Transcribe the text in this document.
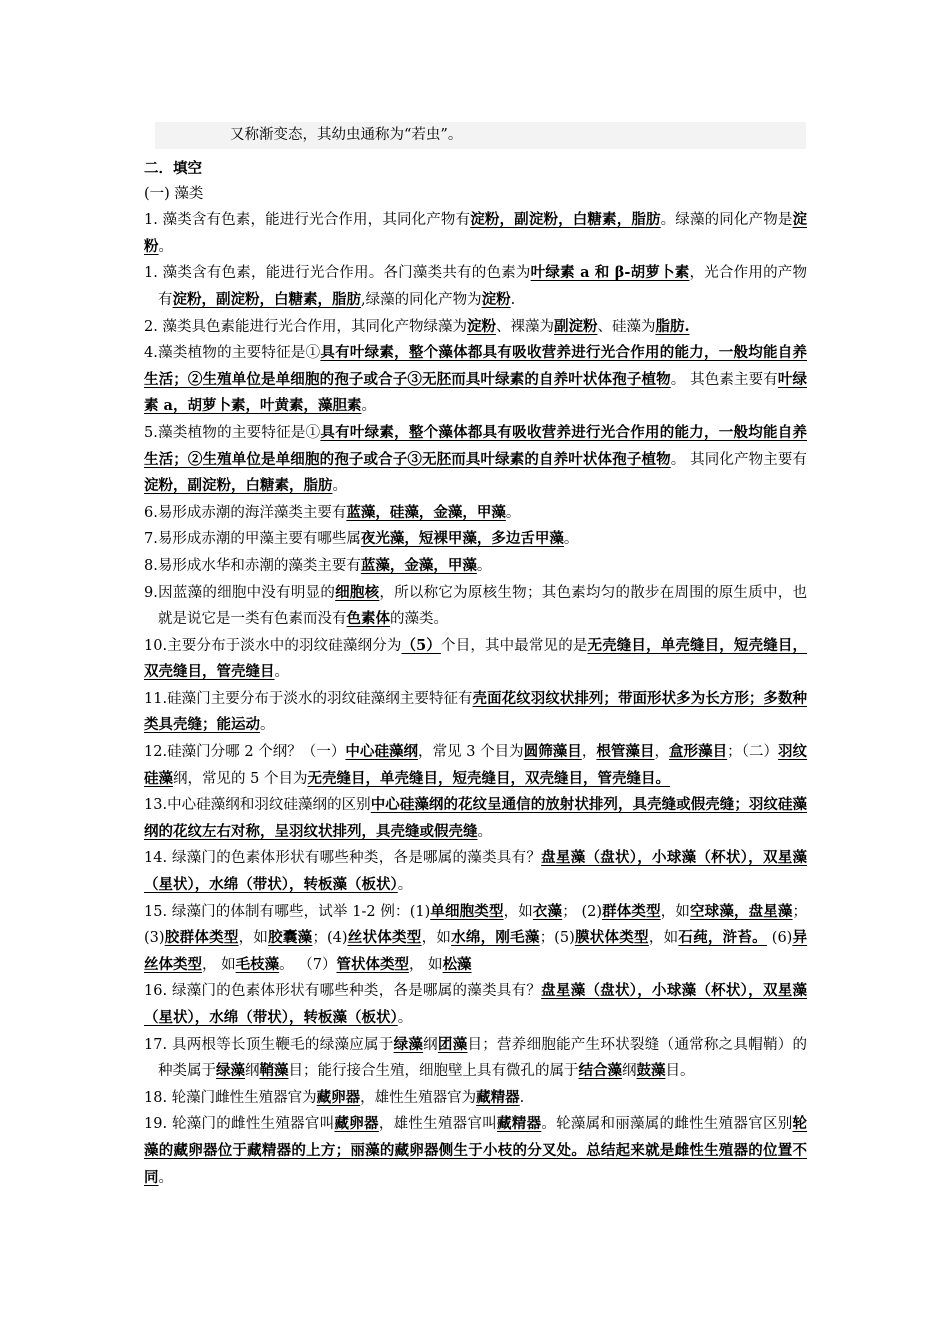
又称渐变态，其幼虫通称为“若虫”。

二．填空

(一) 藻类

1. 藻类含有色素，能进行光合作用，其同化产物有淀粉，副淀粉，白糖素，脂肪。绿藻的同化产物是淀粉。

1. 藻类含有色素，能进行光合作用。各门藻类共有的色素为叶绿素 a 和 β-胡萝卜素，光合作用的产物有淀粉，副淀粉，白糖素，脂肪,绿藻的同化产物为淀粉.

2. 藻类具色素能进行光合作用，其同化产物绿藻为淀粉、裸藻为副淀粉、硅藻为脂肪.

4.藻类植物的主要特征是①具有叶绿素，整个藻体都具有吸收营养进行光合作用的能力，一般均能自养生活；②生殖单位是单细胞的孢子或合子③无胚而具叶绿素的自养叶状体孢子植物。 其色素主要有叶绿素 a，胡萝卜素，叶黄素，藻胆素。

5.藻类植物的主要特征是①具有叶绿素，整个藻体都具有吸收营养进行光合作用的能力，一般均能自养生活；②生殖单位是单细胞的孢子或合子③无胚而具叶绿素的自养叶状体孢子植物。 其同化产物主要有淀粉，副淀粉，白糖素，脂肪。

6.易形成赤潮的海洋藻类主要有蓝藻，硅藻，金藻，甲藻。

7.易形成赤潮的甲藻主要有哪些属夜光藻，短裸甲藻，多边舌甲藻。

8.易形成水华和赤潮的藻类主要有蓝藻，金藻，甲藻。

9.因蓝藻的细胞中没有明显的细胞核，所以称它为原核生物；其色素均匀的散步在周围的原生质中，也就是说它是一类有色素而没有色素体的藻类。

10.主要分布于淡水中的羽纹硅藻纲分为（5）个目，其中最常见的是无壳缝目，单壳缝目，短壳缝目，双壳缝目，管壳缝目。

11.硅藻门主要分布于淡水的羽纹硅藻纲主要特征有壳面花纹羽纹状排列；带面形状多为长方形；多数种类具壳缝；能运动。

12.硅藻门分哪 2 个纲？（一）中心硅藻纲，常见 3 个目为圆筛藻目，根管藻目，盒形藻目；（二）羽纹硅藻纲，常见的 5 个目为无壳缝目，单壳缝目，短壳缝目，双壳缝目，管壳缝目。

13.中心硅藻纲和羽纹硅藻纲的区别中心硅藻纲的花纹呈通信的放射状排列，具壳缝或假壳缝；羽纹硅藻纲的花纹左右对称，呈羽纹状排列，具壳缝或假壳缝。

14. 绿藻门的色素体形状有哪些种类，各是哪属的藻类具有？盘星藻（盘状），小球藻（杯状），双星藻（星状），水绵（带状），转板藻（板状）。

15. 绿藻门的体制有哪些，试举 1-2 例：(1)单细胞类型，如衣藻； (2)群体类型，如空球藻，盘星藻；(3)胶群体类型，如胶囊藻；(4)丝状体类型，如水绵，刚毛藻；(5)膜状体类型，如石莼，浒苔。 (6)异丝体类型， 如毛枝藻。 （7）管状体类型， 如松藻

16. 绿藻门的色素体形状有哪些种类，各是哪属的藻类具有？盘星藻（盘状），小球藻（杯状），双星藻（星状），水绵（带状），转板藻（板状）。

17. 具两根等长顶生鞭毛的绿藻应属于绿藻纲团藻目；营养细胞能产生环状裂缝（通常称之具帽鞘）的种类属于绿藻纲鞘藻目；能行接合生殖，细胞壁上具有微孔的属于结合藻纲鼓藻目。

18. 轮藻门雌性生殖器官为藏卵器，雄性生殖器官为藏精器.

19. 轮藻门的雌性生殖器官叫藏卵器，雄性生殖器官叫藏精器。轮藻属和丽藻属的雌性生殖器官区别轮藻的藏卵器位于藏精器的上方；丽藻的藏卵器侧生于小枝的分叉处。总结起来就是雌性生殖器的位置不同。
